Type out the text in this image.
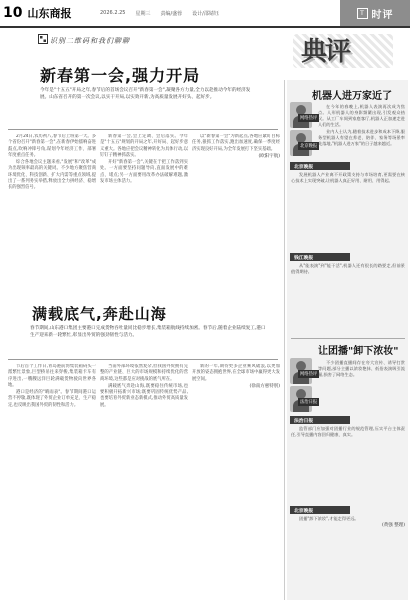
10 山东商报	2026.2.25 星期三 责编/盛蓉 设计/邵婧钰	T 时评
识别二维码和我们聊聊	典评
新春第一会,强力开局
今年是"十五五"开局之年,春节后的首场会议召开"新春第一会",凝聚各方力量,全力以赴推动今年的经济发展。山东省召开的第一次会议,以实干开局,以实效开新,为高质量发展开好头、起好步。

2月24日,农历初八,春节后上班第一天。多个省份召开"新春第一会",在新春伊始擂响奋进鼓点,吹响冲锋号角,谋划今年经济工作、部署年度重点任务。

综合各地会议主题来看,"发展"和"改革"成为出现频率最高的关键词。不少地方聚焦营商环境优化、科技创新、扩大内需等重点领域,提出了一系列务实举措,释放出全力拼经济、稳增长的强烈信号。

新春第一会,会上定调、会后落实。今年是"十五五"规划的开局之年,开好局、起好步意义重大。各地应把会议精神转化为具体行动,以钉钉子精神抓落实。

开好"新春第一会",关键在于把工作落到实处。一方面要坚持问题导向,直面发展中的难点、堵点;另一方面要用改革办法破解难题,激发市场主体活力。

以"新春第一会"为新起点,各地应紧盯目标任务,狠抓工作落实,跑出加速度,确保一季度经济实现良好开局,为全年发展打下坚实基础。

(欧阳宇航)
满载底气,奔赴山海
春节期间,山东港口集团主要港口完成货物吞吐量同比稳步增长,集装箱航线持续加密。春节后,随着企业陆续复工,港口生产迎来新一轮繁忙,彰显出外贸的强劲韧性与活力。

节后首个工作日,青岛港前湾集装箱码头一派繁忙景象,巨型桥吊往来穿梭,集装箱卡车有序进出,一艘艘远洋巨轮满载货物驶向世界各地。

港口是经济的"晴雨表"。春节期间港口运营不停歇,既体现了外贸企业订单充足、生产稳定,也反映出我国外贸的韧性和活力。

当前外部环境依然复杂,但我国外贸拥有完整的产业链、巨大的市场规模和持续优化的营商环境,这些都是应对挑战的底气所在。

满载底气奔赴山海,既要稳住传统市场,也要积极开拓新兴市场;既要巩固传统优势产品,也要培育外贸新业态新模式,推动外贸高质量发展。

新的一年,期待更多企业乘风破浪,以更加开放的姿态拥抱世界,在全球市场中赢得更大发展空间。

(徐南方惠特别)
机器人进万家近了
网络热评
北京晚报

在今年的春晚上,机器人表演再次成为焦点。人形机器人的身影频繁出现,引发观众热议。从工厂车间到家庭客厅,机器人正加速走进人们的生活。

业内人士认为,随着技术进步和成本下降,服务型机器人有望在养老、陪伴、家务等场景率先落地,"机器人进万家"的日子越来越近。

北京晚报

发展机器人产业离不开政策支持与市场培育,更需要在核心技术上实现突破,让机器人真正好用、耐用、用得起。

钱江晚报

从"能表演"到"能干活",机器人还有很长的路要走,但前景值得期待。

让团播"卸下浓妆"
网络热评
法治日报

不少团播直播间存在夸大宣传、诱导打赏等问题,部分主播以浓妆艳抹、低俗表演吸引流量,损害了网络生态。

法治日报

监管部门应加强对团播行业的规范管理,压实平台主体责任,引导直播内容回归健康、真实。

北京晚报

团播"卸下浓妆",才能走得更远。

(黄强 整理)
